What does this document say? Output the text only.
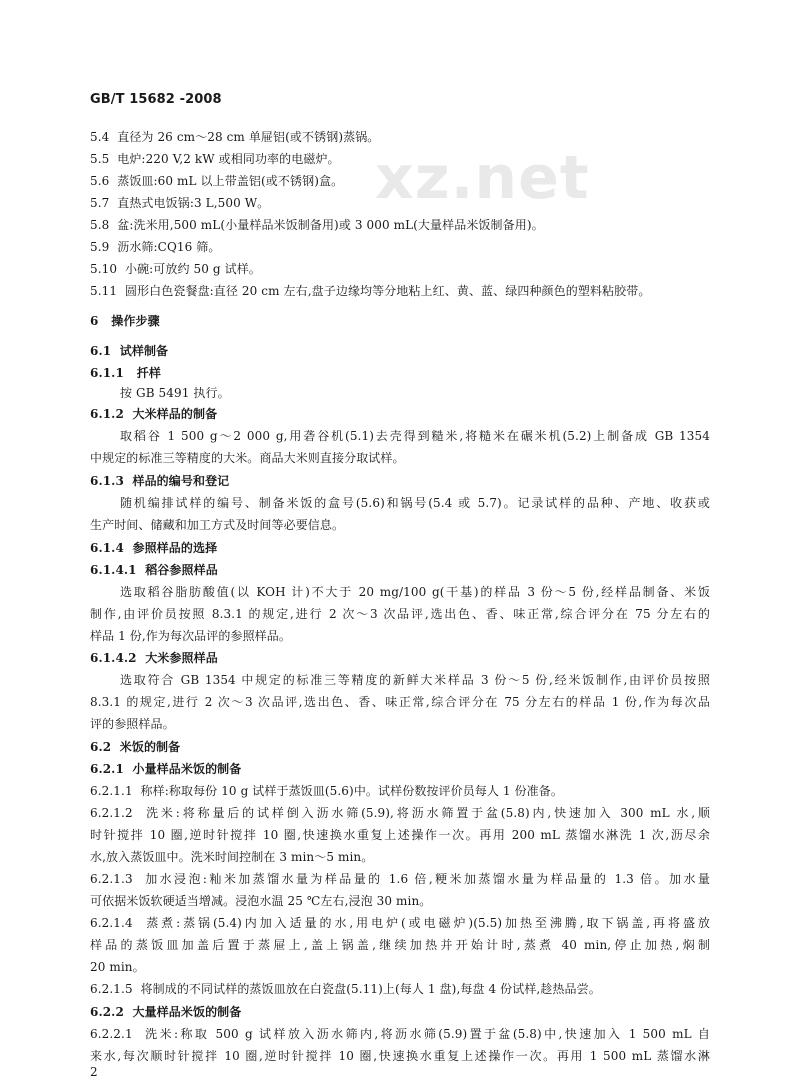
xz.net

GB/T 15682 -2008

5.4 直径为 26 cm～28 cm 单屉铝(或不锈钢)蒸锅。

5.5 电炉:220 V,2 kW 或相同功率的电磁炉。

5.6 蒸饭皿:60 mL 以上带盖铝(或不锈钢)盒。

5.7 直热式电饭锅:3 L,500 W。

5.8 盆:洗米用,500 mL(小量样品米饭制备用)或 3 000 mL(大量样品米饭制备用)。

5.9 沥水筛:CQ16 筛。

5.10 小碗:可放约 50 g 试样。

5.11 圆形白色瓷餐盘:直径 20 cm 左右,盘子边缘均等分地粘上红、黄、蓝、绿四种颜色的塑料粘胶带。

6 操作步骤

6.1 试样制备

6.1.1 扦样

按 GB 5491 执行。

6.1.2 大米样品的制备

取稻谷 1 500 g～2 000 g,用砻谷机(5.1)去壳得到糙米,将糙米在碾米机(5.2)上制备成 GB 1354

中规定的标准三等精度的大米。商品大米则直接分取试样。

6.1.3 样品的编号和登记

随机编排试样的编号、制备米饭的盒号(5.6)和锅号(5.4 或 5.7)。记录试样的品种、产地、收获或

生产时间、储藏和加工方式及时间等必要信息。

6.1.4 参照样品的选择

6.1.4.1 稻谷参照样品

选取稻谷脂肪酸值(以 KOH 计)不大于 20 mg/100 g(干基)的样品 3 份～5 份,经样品制备、米饭

制作,由评价员按照 8.3.1 的规定,进行 2 次～3 次品评,选出色、香、味正常,综合评分在 75 分左右的

样品 1 份,作为每次品评的参照样品。

6.1.4.2 大米参照样品

选取符合 GB 1354 中规定的标准三等精度的新鲜大米样品 3 份～5 份,经米饭制作,由评价员按照

8.3.1 的规定,进行 2 次～3 次品评,选出色、香、味正常,综合评分在 75 分左右的样品 1 份,作为每次品

评的参照样品。

6.2 米饭的制备

6.2.1 小量样品米饭的制备

6.2.1.1 称样:称取每份 10 g 试样于蒸饭皿(5.6)中。试样份数按评价员每人 1 份准备。

6.2.1.2 洗米:将称量后的试样倒入沥水筛(5.9),将沥水筛置于盆(5.8)内,快速加入 300 mL 水,顺

时针搅拌 10 圈,逆时针搅拌 10 圈,快速换水重复上述操作一次。再用 200 mL 蒸馏水淋洗 1 次,沥尽余

水,放入蒸饭皿中。洗米时间控制在 3 min～5 min。

6.2.1.3 加水浸泡:籼米加蒸馏水量为样品量的 1.6 倍,粳米加蒸馏水量为样品量的 1.3 倍。加水量

可依据米饭软硬适当增减。浸泡水温 25 ℃左右,浸泡 30 min。

6.2.1.4 蒸煮:蒸锅(5.4)内加入适量的水,用电炉(或电磁炉)(5.5)加热至沸腾,取下锅盖,再将盛放

样品的蒸饭皿加盖后置于蒸屉上,盖上锅盖,继续加热并开始计时,蒸煮 40 min,停止加热,焖制

20 min。

6.2.1.5 将制成的不同试样的蒸饭皿放在白瓷盘(5.11)上(每人 1 盘),每盘 4 份试样,趁热品尝。

6.2.2 大量样品米饭的制备

6.2.2.1 洗米:称取 500 g 试样放入沥水筛内,将沥水筛(5.9)置于盆(5.8)中,快速加入 1 500 mL 自

来水,每次顺时针搅拌 10 圈,逆时针搅拌 10 圈,快速换水重复上述操作一次。再用 1 500 mL 蒸馏水淋

2
